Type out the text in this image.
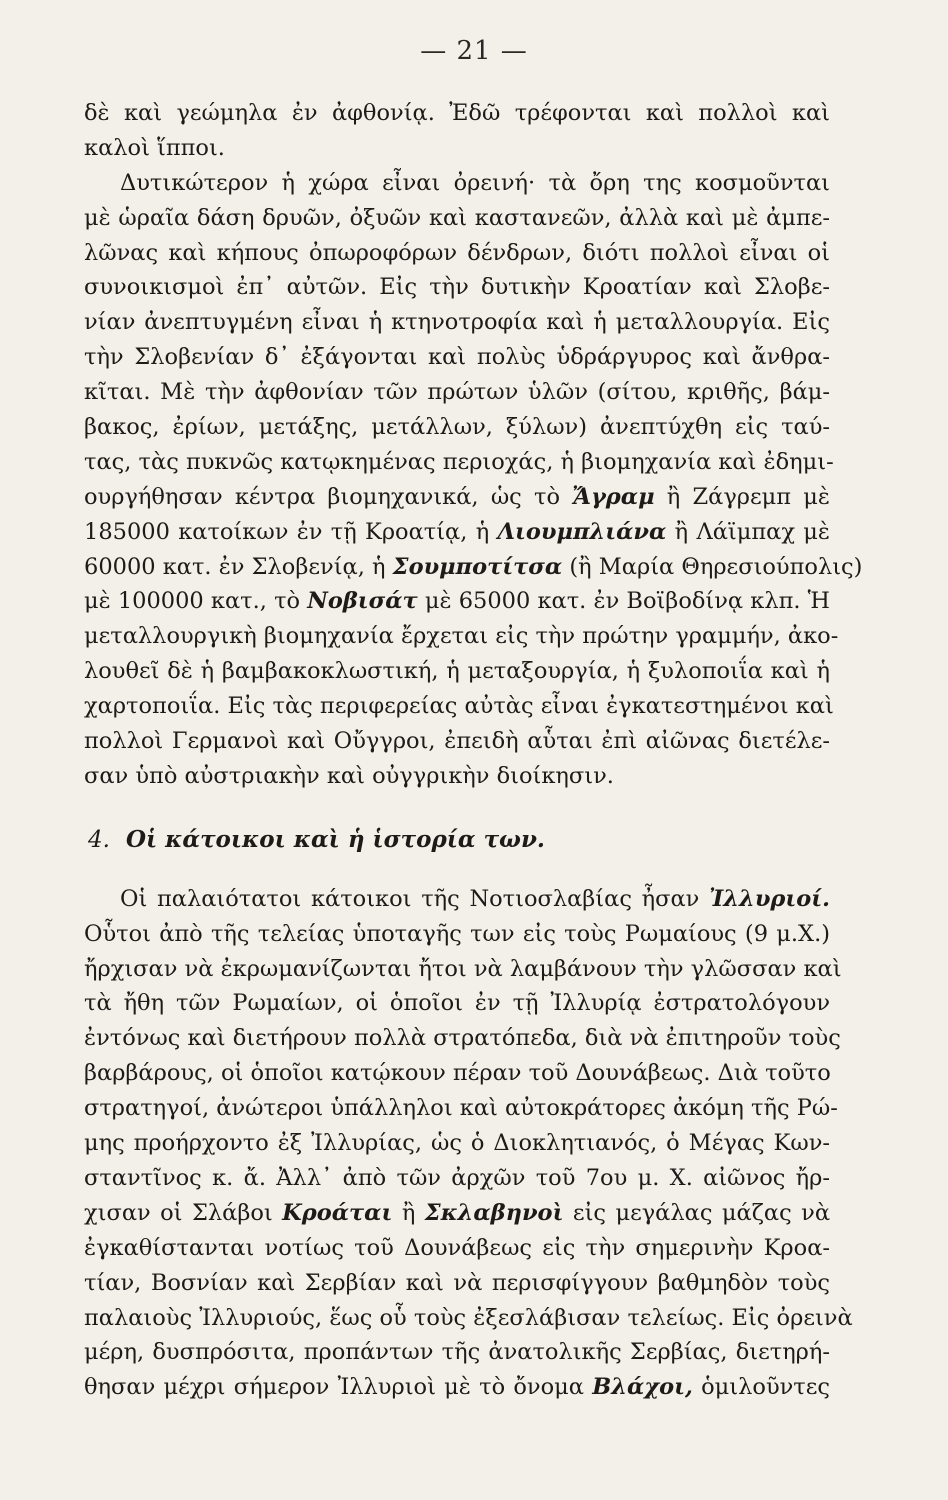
— 21 —
δὲ καὶ γεώμηλα ἐν ἀφθονίᾳ. Ἐδῶ τρέφονται καὶ πολλοὶ καὶ
καλοὶ ἵπποι.
Δυτικώτερον ἡ χώρα εἶναι ὀρεινή· τὰ ὄρη της κοσμοῦνται
μὲ ὡραῖα δάση δρυῶν, ὀξυῶν καὶ καστανεῶν, ἀλλὰ καὶ μὲ ἀμπε-
λῶνας καὶ κήπους ὀπωροφόρων δένδρων, διότι πολλοὶ εἶναι οἱ
συνοικισμοὶ ἐπ᾽ αὐτῶν. Εἰς τὴν δυτικὴν Κροατίαν καὶ Σλοβε-
νίαν ἀνεπτυγμένη εἶναι ἡ κτηνοτροφία καὶ ἡ μεταλλουργία. Εἰς
τὴν Σλοβενίαν δ᾽ ἐξάγονται καὶ πολὺς ὑδράργυρος καὶ ἄνθρα-
κῖται. Μὲ τὴν ἀφθονίαν τῶν πρώτων ὑλῶν (σίτου, κριθῆς, βάμ-
βακος, ἐρίων, μετάξης, μετάλλων, ξύλων) ἀνεπτύχθη εἰς ταύ-
τας, τὰς πυκνῶς κατῳκημένας περιοχάς, ἡ βιομηχανία καὶ ἐδημι-
ουργήθησαν κέντρα βιομηχανικά, ὡς τὸ Ἄγραμ ἢ Ζάγρεμπ μὲ
185000 κατοίκων ἐν τῇ Κροατίᾳ, ἡ Λιουμπλιάνα ἢ Λάϊμπαχ μὲ
60000 κατ. ἐν Σλοβενίᾳ, ἡ Σουμποτίτσα (ἢ Μαρία Θηρεσιούπολις)
μὲ 100000 κατ., τὸ Νοβισάτ μὲ 65000 κατ. ἐν Βοϊβοδίνᾳ κλπ. Ἡ
μεταλλουργικὴ βιομηχανία ἔρχεται εἰς τὴν πρώτην γραμμήν, ἀκο-
λουθεῖ δὲ ἡ βαμβακοκλωστική, ἡ μεταξουργία, ἡ ξυλοποιΐα καὶ ἡ
χαρτοποιΐα. Εἰς τὰς περιφερείας αὐτὰς εἶναι ἐγκατεστημένοι καὶ
πολλοὶ Γερμανοὶ καὶ Οὔγγροι, ἐπειδὴ αὗται ἐπὶ αἰῶνας διετέλε-
σαν ὑπὸ αὐστριακὴν καὶ οὐγγρικὴν διοίκησιν.
4. Οἱ κάτοικοι καὶ ἡ ἱστορία των.
Οἱ παλαιότατοι κάτοικοι τῆς Νοτιοσλαβίας ἦσαν Ἰλλυριοί.
Οὗτοι ἀπὸ τῆς τελείας ὑποταγῆς των εἰς τοὺς Ρωμαίους (9 μ.Χ.)
ἤρχισαν νὰ ἐκρωμανίζωνται ἤτοι νὰ λαμβάνουν τὴν γλῶσσαν καὶ
τὰ ἤθη τῶν Ρωμαίων, οἱ ὁποῖοι ἐν τῇ Ἰλλυρίᾳ ἐστρατολόγουν
ἐντόνως καὶ διετήρουν πολλὰ στρατόπεδα, διὰ νὰ ἐπιτηροῦν τοὺς
βαρβάρους, οἱ ὁποῖοι κατῴκουν πέραν τοῦ Δουνάβεως. Διὰ τοῦτο
στρατηγοί, ἀνώτεροι ὑπάλληλοι καὶ αὐτοκράτορες ἀκόμη τῆς Ρώ-
μης προήρχοντο ἐξ Ἰλλυρίας, ὡς ὁ Διοκλητιανός, ὁ Μέγας Κων-
σταντῖνος κ. ἄ. Ἀλλ᾽ ἀπὸ τῶν ἀρχῶν τοῦ 7ου μ. Χ. αἰῶνος ἤρ-
χισαν οἱ Σλάβοι Κροάται ἢ Σκλαβηνοὶ εἰς μεγάλας μάζας νὰ
ἐγκαθίστανται νοτίως τοῦ Δουνάβεως εἰς τὴν σημερινὴν Κροα-
τίαν, Βοσνίαν καὶ Σερβίαν καὶ νὰ περισφίγγουν βαθμηδὸν τοὺς
παλαιοὺς Ἰλλυριούς, ἕως οὗ τοὺς ἐξεσλάβισαν τελείως. Εἰς ὀρεινὰ
μέρη, δυσπρόσιτα, προπάντων τῆς ἀνατολικῆς Σερβίας, διετηρή-
θησαν μέχρι σήμερον Ἰλλυριοὶ μὲ τὸ ὄνομα Βλάχοι, ὁμιλοῦντες
